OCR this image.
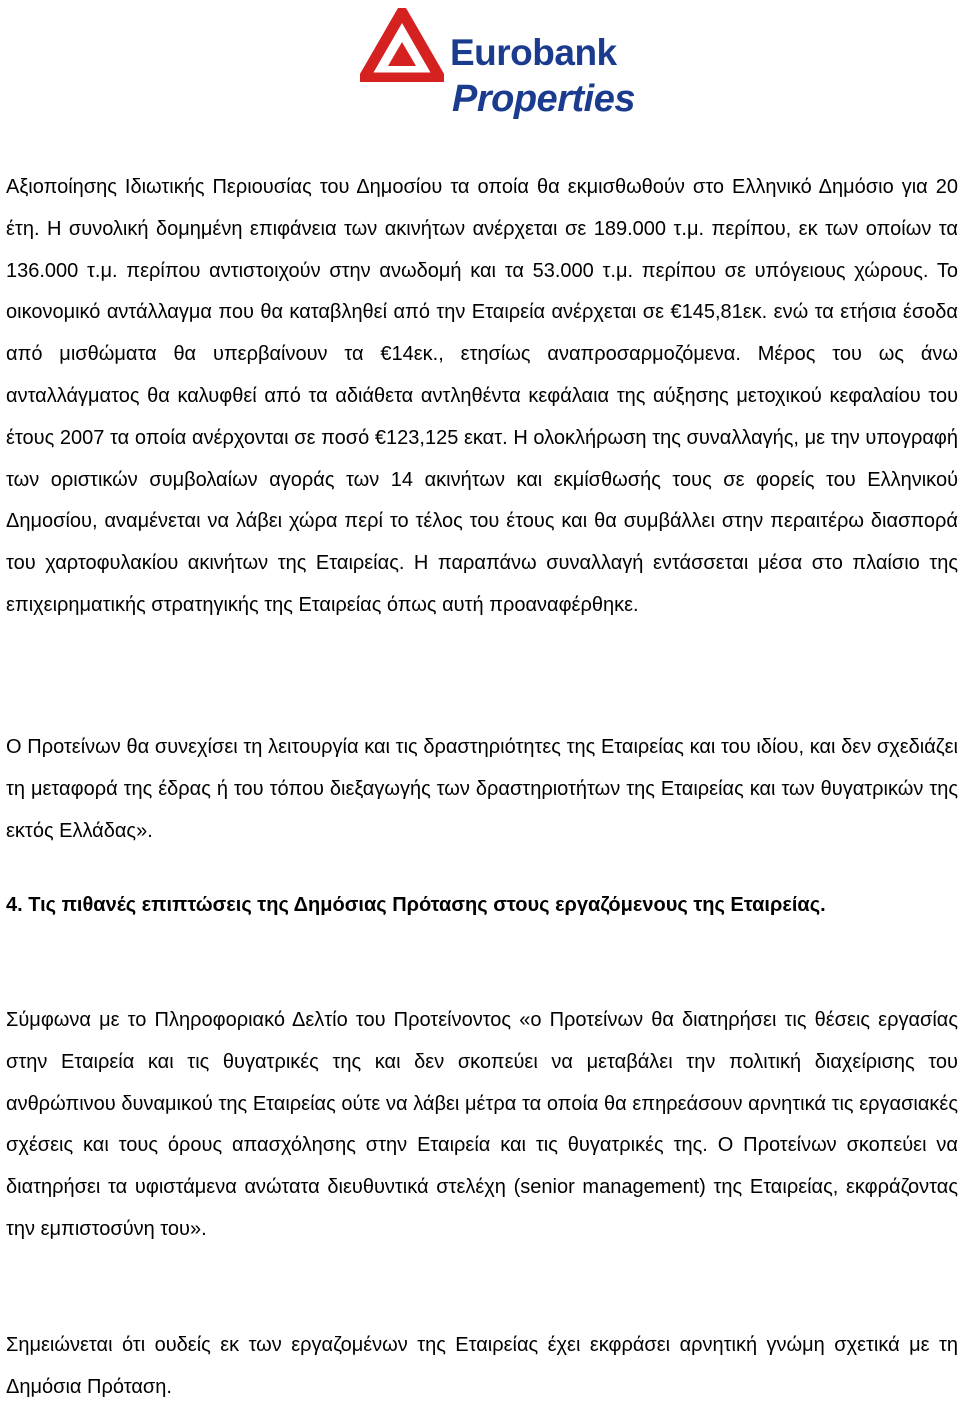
Eurobank
Properties

Αξιοποίησης Ιδιωτικής Περιουσίας του Δημοσίου τα οποία θα εκμισθωθούν στο Ελληνικό Δημόσιο για 20 έτη. Η συνολική δομημένη επιφάνεια των ακινήτων ανέρχεται σε 189.000 τ.μ. περίπου, εκ των οποίων τα 136.000 τ.μ. περίπου αντιστοιχούν στην ανωδομή και τα 53.000 τ.μ. περίπου σε υπόγειους χώρους. Το οικονομικό αντάλλαγμα που θα καταβληθεί από την Εταιρεία ανέρχεται σε €145,81εκ. ενώ τα ετήσια έσοδα από μισθώματα θα υπερβαίνουν τα €14εκ., ετησίως αναπροσαρμοζόμενα. Μέρος του ως άνω ανταλλάγματος θα καλυφθεί από τα αδιάθετα αντληθέντα κεφάλαια της αύξησης μετοχικού κεφαλαίου του έτους 2007 τα οποία ανέρχονται σε ποσό €123,125 εκατ. Η ολοκλήρωση της συναλλαγής, με την υπογραφή των οριστικών συμβολαίων αγοράς των 14 ακινήτων και εκμίσθωσής τους σε φορείς του Ελληνικού Δημοσίου, αναμένεται να λάβει χώρα περί το τέλος του έτους και θα συμβάλλει στην περαιτέρω διασπορά του χαρτοφυλακίου ακινήτων της Εταιρείας. Η παραπάνω συναλλαγή εντάσσεται μέσα στο πλαίσιο της επιχειρηματικής στρατηγικής της Εταιρείας όπως αυτή προαναφέρθηκε.

Ο Προτείνων θα συνεχίσει τη λειτουργία και τις δραστηριότητες της Εταιρείας και του ιδίου, και δεν σχεδιάζει τη μεταφορά της έδρας ή του τόπου διεξαγωγής των δραστηριοτήτων της Εταιρείας και των θυγατρικών της εκτός Ελλάδας».

4. Τις πιθανές επιπτώσεις της Δημόσιας Πρότασης στους εργαζόμενους της Εταιρείας.

Σύμφωνα με το Πληροφοριακό Δελτίο του Προτείνοντος «ο Προτείνων θα διατηρήσει τις θέσεις εργασίας στην Εταιρεία και τις θυγατρικές της και δεν σκοπεύει να μεταβάλει την πολιτική διαχείρισης του ανθρώπινου δυναμικού της Εταιρείας ούτε να λάβει μέτρα τα οποία θα επηρεάσουν αρνητικά τις εργασιακές σχέσεις και τους όρους απασχόλησης στην Εταιρεία και τις θυγατρικές της. Ο Προτείνων σκοπεύει να διατηρήσει τα υφιστάμενα ανώτατα διευθυντικά στελέχη (senior management) της Εταιρείας, εκφράζοντας την εμπιστοσύνη του».

Σημειώνεται ότι ουδείς εκ των εργαζομένων της Εταιρείας έχει εκφράσει αρνητική γνώμη σχετικά με τη Δημόσια Πρόταση.
